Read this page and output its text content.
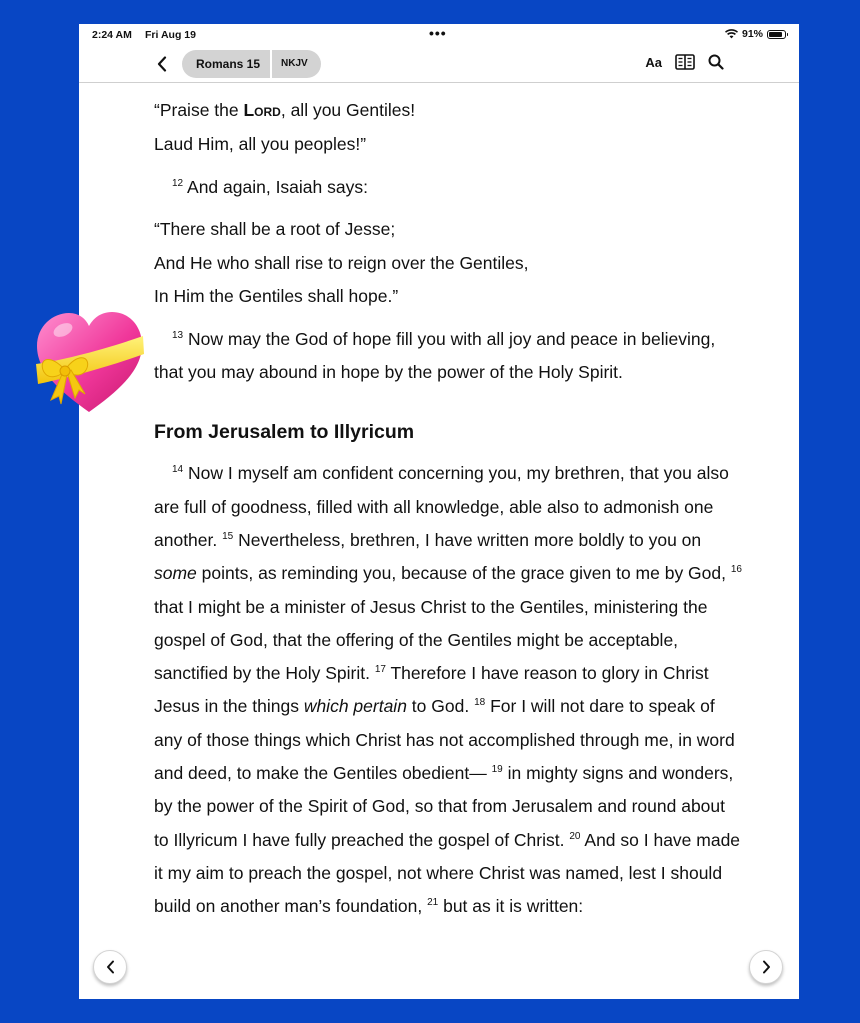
2:24 AM Fri Aug 19	•••	91%
Romans 15	NKJV	Aa
“Praise the Lord, all you Gentiles!
Laud Him, all you peoples!”

$^{12}$ And again, Isaiah says:

“There shall be a root of Jesse;
And He who shall rise to reign over the Gentiles,
In Him the Gentiles shall hope.”

$^{13}$ Now may the God of hope fill you with all joy and peace in believing, that you may abound in hope by the power of the Holy Spirit.

From Jerusalem to Illyricum

$^{14}$ Now I myself am confident concerning you, my brethren, that you also are full of goodness, filled with all knowledge, able also to admonish one another. $^{15}$ Nevertheless, brethren, I have written more boldly to you on some points, as reminding you, because of the grace given to me by God, $^{16}$ that I might be a minister of Jesus Christ to the Gentiles, ministering the gospel of God, that the offering of the Gentiles might be acceptable, sanctified by the Holy Spirit. $^{17}$ Therefore I have reason to glory in Christ Jesus in the things which pertain to God. $^{18}$ For I will not dare to speak of any of those things which Christ has not accomplished through me, in word and deed, to make the Gentiles obedient— $^{19}$ in mighty signs and wonders, by the power of the Spirit of God, so that from Jerusalem and round about to Illyricum I have fully preached the gospel of Christ. $^{20}$ And so I have made it my aim to preach the gospel, not where Christ was named, lest I should build on another man’s foundation, $^{21}$ but as it is written:
